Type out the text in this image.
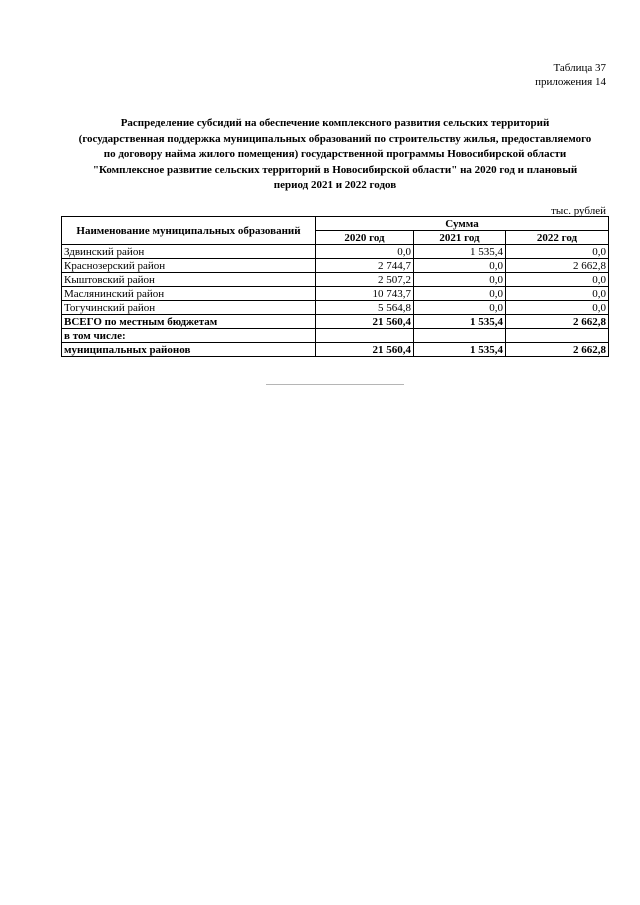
Таблица 37
приложения 14
Распределение субсидий на обеспечение комплексного развития сельских территорий
(государственная поддержка муниципальных образований по строительству жилья, предоставляемого
по договору найма жилого помещения) государственной программы Новосибирской области
"Комплексное развитие сельских территорий в Новосибирской области" на 2020 год и плановый
период 2021 и 2022 годов
тыс. рублей
Наименование муниципальных образований	Сумма		
	2020 год	2021 год	2022 год
Здвинский район	0,0	1 535,4	0,0
Краснозерский район	2 744,7	0,0	2 662,8
Кыштовский район	2 507,2	0,0	0,0
Маслянинский район	10 743,7	0,0	0,0
Тогучинский район	5 564,8	0,0	0,0
ВСЕГО по местным бюджетам	21 560,4	1 535,4	2 662,8
в том числе:			
муниципальных районов	21 560,4	1 535,4	2 662,8
